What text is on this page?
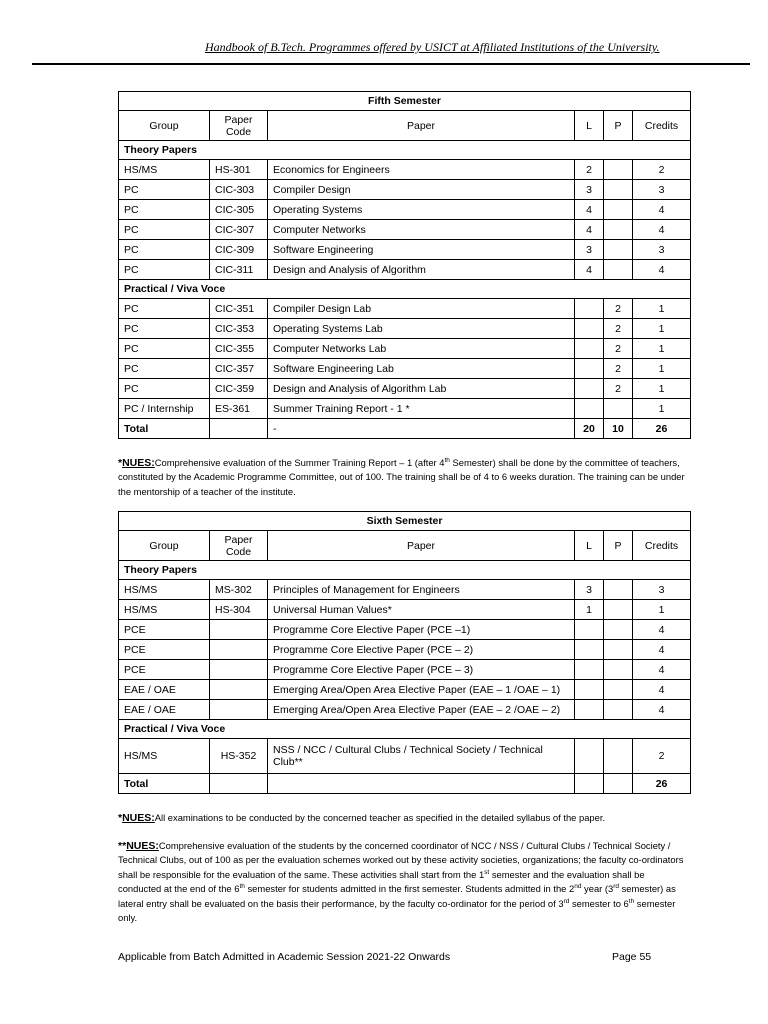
Handbook of B.Tech. Programmes offered by USICT at Affiliated Institutions of the University.
Fifth Semester					
Group	Paper Code	Paper	L	P	Credits
Theory Papers					
HS/MS	HS-301	Economics for Engineers	2		2
PC	CIC-303	Compiler Design	3		3
PC	CIC-305	Operating Systems	4		4
PC	CIC-307	Computer Networks	4		4
PC	CIC-309	Software Engineering	3		3
PC	CIC-311	Design and Analysis of Algorithm	4		4
Practical / Viva Voce					
PC	CIC-351	Compiler Design Lab		2	1
PC	CIC-353	Operating Systems Lab		2	1
PC	CIC-355	Computer Networks Lab		2	1
PC	CIC-357	Software Engineering Lab		2	1
PC	CIC-359	Design and Analysis of Algorithm Lab		2	1
PC / Internship	ES-361	Summer Training Report - 1 *			1
Total		-	20	10	26
*NUES:Comprehensive evaluation of the Summer Training Report – 1 (after 4th Semester) shall be done by the committee of teachers, constituted by the Academic Programme Committee, out of 100. The training shall be of 4 to 6 weeks duration. The training can be under the mentorship of a teacher of the institute.
Sixth Semester					
Group	Paper Code	Paper	L	P	Credits
Theory Papers					
HS/MS	MS-302	Principles of Management for Engineers	3		3
HS/MS	HS-304	Universal Human Values*	1		1
PCE		Programme Core Elective Paper (PCE –1)			4
PCE		Programme Core Elective Paper (PCE – 2)			4
PCE		Programme Core Elective Paper (PCE – 3)			4
EAE / OAE		Emerging Area/Open Area Elective Paper (EAE – 1 /OAE – 1)			4
EAE / OAE		Emerging Area/Open Area Elective Paper (EAE – 2 /OAE – 2)			4
Practical / Viva Voce					
HS/MS	HS-352	NSS / NCC / Cultural Clubs / Technical Society / Technical Club**			2
Total					26
*NUES:All examinations to be conducted by the concerned teacher as specified in the detailed syllabus of the paper.
**NUES:Comprehensive evaluation of the students by the concerned coordinator of NCC / NSS / Cultural Clubs / Technical Society / Technical Clubs, out of 100 as per the evaluation schemes worked out by these activity societies, organizations; the faculty co-ordinators shall be responsible for the evaluation of the same. These activities shall start from the 1st semester and the evaluation shall be conducted at the end of the 6th semester for students admitted in the first semester. Students admitted in the 2nd year (3rd semester) as lateral entry shall be evaluated on the basis their performance, by the faculty co-ordinator for the period of 3rd semester to 6th semester only.
Applicable from Batch Admitted in Academic Session 2021-22 Onwards	Page 55
